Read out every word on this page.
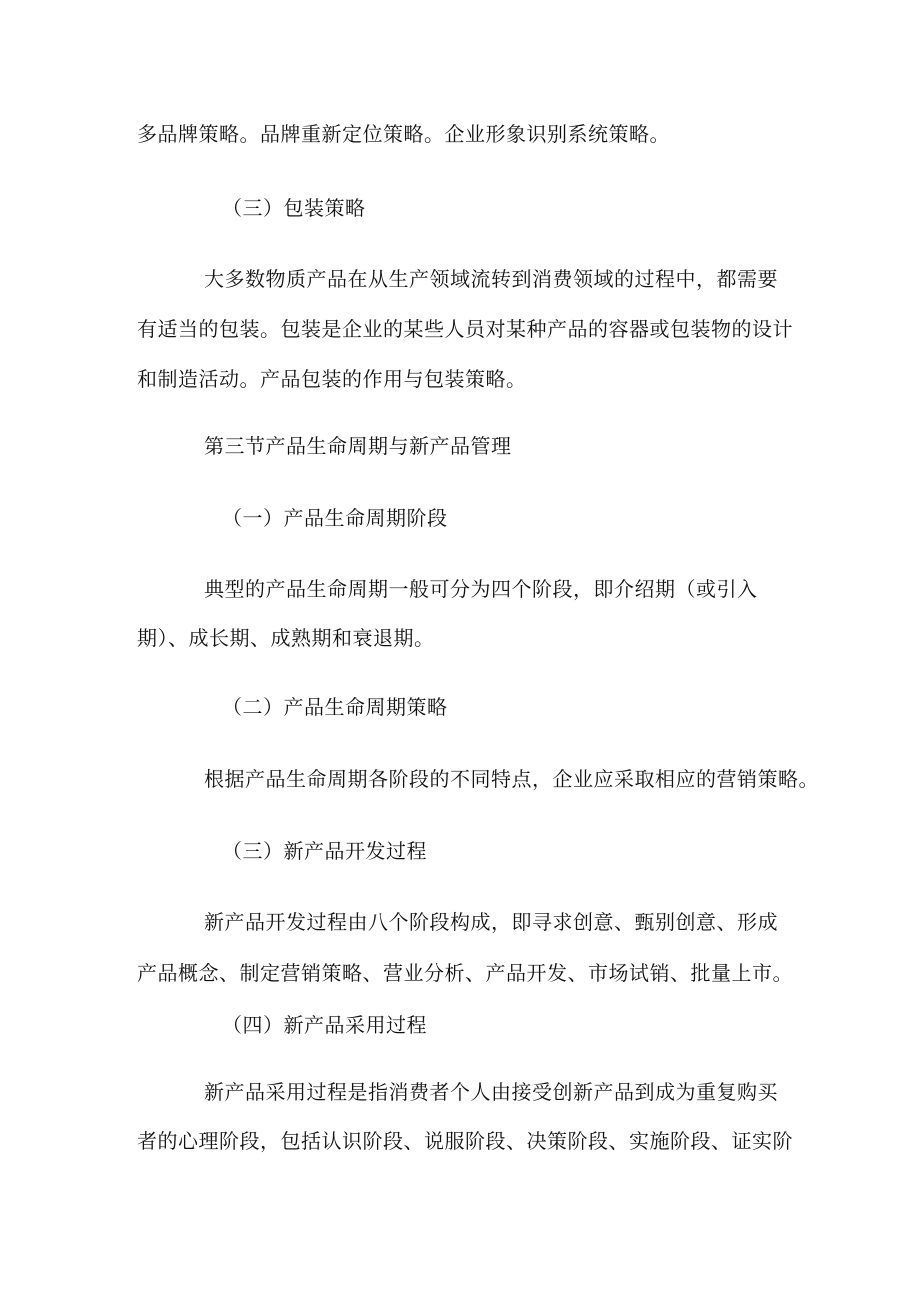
多品牌策略。品牌重新定位策略。企业形象识别系统策略。
（三）包装策略
大多数物质产品在从生产领域流转到消费领域的过程中，都需要
有适当的包装。包装是企业的某些人员对某种产品的容器或包装物的设计
和制造活动。产品包装的作用与包装策略。
第三节产品生命周期与新产品管理
（一）产品生命周期阶段
典型的产品生命周期一般可分为四个阶段，即介绍期（或引入
期）、成长期、成熟期和衰退期。
（二）产品生命周期策略
根据产品生命周期各阶段的不同特点，企业应采取相应的营销策略。
（三）新产品开发过程
新产品开发过程由八个阶段构成，即寻求创意、甄别创意、形成
产品概念、制定营销策略、营业分析、产品开发、市场试销、批量上市。
（四）新产品采用过程
新产品采用过程是指消费者个人由接受创新产品到成为重复购买
者的心理阶段，包括认识阶段、说服阶段、决策阶段、实施阶段、证实阶
